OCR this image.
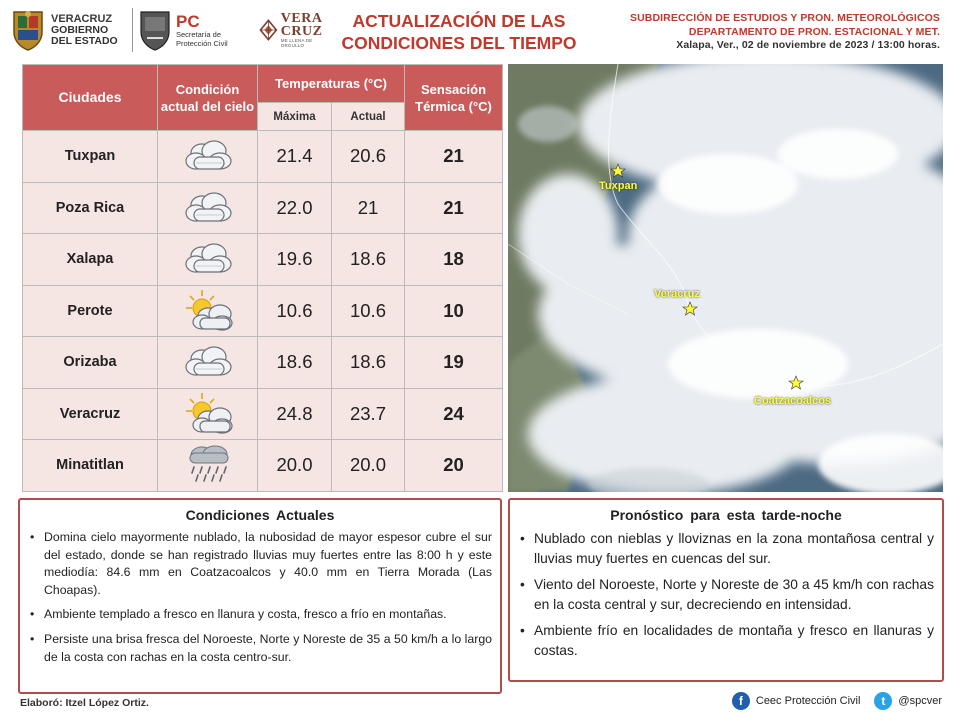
VERACRUZ
GOBIERNO
DEL ESTADO
PC
Secretaría de
Protección Civil
VERA
CRUZ
ME LLENA DE ORGULLO
ACTUALIZACIÓN DE LAS
CONDICIONES DEL TIEMPO
SUBDIRECCIÓN DE ESTUDIOS Y PRON. METEOROLÓGICOS
DEPARTAMENTO DE PRON. ESTACIONAL Y MET.
Xalapa, Ver., 02 de noviembre de 2023 / 13:00 horas.
Ciudades	Condición actual del cielo	Temperaturas (°C)		Sensación Térmica (°C)
		Máxima	Actual	
Tuxpan		21.4	20.6	21
Poza Rica		22.0	21	21
Xalapa		19.6	18.6	18
Perote		10.6	10.6	10
Orizaba		18.6	18.6	19
Veracruz		24.8	23.7	24
Minatitlan		20.0	20.0	20
Tuxpan
Veracruz
Coatzacoalcos
Condiciones Actuales
• Domina cielo mayormente nublado, la nubosidad de mayor espesor cubre el sur del estado, donde se han registrado lluvias muy fuertes entre las 8:00 h y este mediodía: 84.6 mm en Coatzacoalcos y 40.0 mm en Tierra Morada (Las Choapas).
• Ambiente templado a fresco en llanura y costa, fresco a frío en montañas.
• Persiste una brisa fresca del Noroeste, Norte y Noreste de 35 a 50 km/h a lo largo de la costa con rachas en la costa centro-sur.
Pronóstico para esta tarde-noche
• Nublado con nieblas y lloviznas en la zona montañosa central y lluvias muy fuertes en cuencas del sur.
• Viento del Noroeste, Norte y Noreste de 30 a 45 km/h con rachas en la costa central y sur, decreciendo en intensidad.
• Ambiente frío en localidades de montaña y fresco en llanuras y costas.
Elaboró: Itzel López Ortiz.	f	Ceec Protección Civil	t	@spcver
